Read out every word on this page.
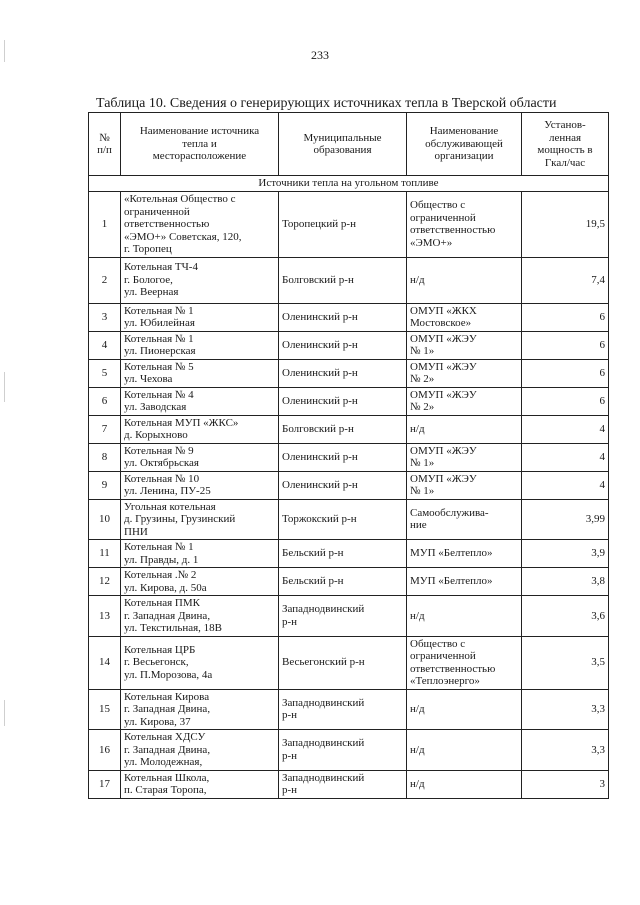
233
Таблица 10. Сведения о генерирующих источниках тепла в Тверской области
№
п/п	Наименование источника
тепла и
месторасположение	Муниципальные
образования	Наименование
обслуживающей
организации	Установ-
ленная
мощность в
Гкал/час
Источники тепла на угольном топливе				
1	«Котельная Общество с
ограниченной
ответственностью
«ЭМО+» Советская, 120,
г. Торопец	Торопецкий р-н	Общество с
ограниченной
ответственностью
«ЭМО+»	19,5
2	Котельная ТЧ-4
г. Бологое,
ул. Веерная	Болговский р-н	н/д	7,4
3	Котельная № 1
ул. Юбилейная	Оленинский р-н	ОМУП «ЖКХ
Мостовское»	6
4	Котельная № 1
ул. Пионерская	Оленинский р-н	ОМУП «ЖЭУ
№ 1»	6
5	Котельная № 5
ул. Чехова	Оленинский р-н	ОМУП «ЖЭУ
№ 2»	6
6	Котельная № 4
ул. Заводская	Оленинский р-н	ОМУП «ЖЭУ
№ 2»	6
7	Котельная МУП «ЖКС»
д. Корыхново	Болговский р-н	н/д	4
8	Котельная № 9
ул. Октябрьская	Оленинский р-н	ОМУП «ЖЭУ
№ 1»	4
9	Котельная № 10
ул. Ленина, ПУ-25	Оленинский р-н	ОМУП «ЖЭУ
№ 1»	4
10	Угольная котельная
д. Грузины, Грузинский
ПНИ	Торжокский р-н	Самообслужива-
ние	3,99
11	Котельная № 1
ул. Правды, д. 1	Бельский р-н	МУП «Белтепло»	3,9
12	Котельная .№ 2
ул. Кирова, д. 50а	Бельский р-н	МУП «Белтепло»	3,8
13	Котельная ПМК
г. Западная Двина,
ул. Текстильная, 18В	Западнодвинский
р-н	н/д	3,6
14	Котельная ЦРБ
г. Весьегонск,
ул. П.Морозова, 4а	Весьегонский р-н	Общество с
ограниченной
ответственностью
«Теплоэнерго»	3,5
15	Котельная Кирова
г. Западная Двина,
ул. Кирова, 37	Западнодвинский
р-н	н/д	3,3
16	Котельная ХДСУ
г. Западная Двина,
ул. Молодежная,	Западнодвинский
р-н	н/д	3,3
17	Котельная Школа,
п. Старая Торопа,	Западнодвинский
р-н	н/д	3
